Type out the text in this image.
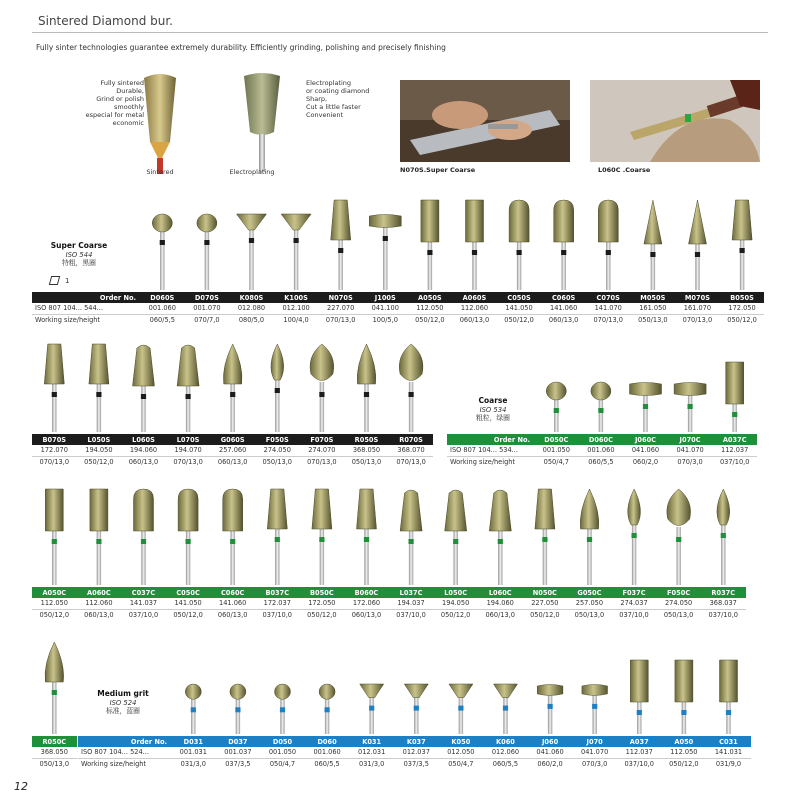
Sintered Diamond bur.
Fully sinter technologies guarantee extremely durability. Efficiently grinding, polishing and precisely finishing
Fully sintered
Durable,
Grind or polish
smoothly
especial for metal
economic
Sintered	Electroplating
Electroplating
or coating diamond
Sharp,
Cut a little faster
Convenient
N070S.Super Coarse	L060C .Coarse
Super Coarse
ISO 544
特粗，黑圈
1
Coarse
ISO 534
粗粒，绿圈
Medium grit
ISO 524
标准，蓝圈
Order No.	D060S	D070S	K080S	K100S	N070S	J100S	A050S	A060S	C050S	C060S	C070S	M050S	M070S	B050S
ISO 807 104... 544...	001.060	001.070	012.080	012.100	227.070	041.100	112.050	112.060	141.050	141.060	141.070	161.050	161.070	172.050
Working size/height	060/5,5	070/7,0	080/5,0	100/4,0	070/13,0	100/5,0	050/12,0	060/13,0	050/12,0	060/13,0	070/13,0	050/13,0	070/13,0	050/12,0
B070S	L050S	L060S	L070S	G060S	F050S	F070S	R050S	R070S
172.070	194.050	194.060	194.070	257.060	274.050	274.070	368.050	368.070
070/13,0	050/12,0	060/13,0	070/13,0	060/13,0	050/13,0	070/13,0	050/13,0	070/13,0
Order No.	D050C	D060C	J060C	J070C	A037C
ISO 807 104... 534...	001.050	001.060	041.060	041.070	112.037
Working size/height	050/4,7	060/5,5	060/2,0	070/3,0	037/10,0
A050C	A060C	C037C	C050C	C060C	B037C	B050C	B060C	L037C	L050C	L060C	N050C	G050C	F037C	F050C	R037C
112.050	112.060	141.037	141.050	141.060	172.037	172.050	172.060	194.037	194.050	194.060	227.050	257.050	274.037	274.050	368.037
050/12,0	060/13,0	037/10,0	050/12,0	060/13,0	037/10,0	050/12,0	060/13,0	037/10,0	050/12,0	060/13,0	050/12,0	050/13,0	037/10,0	050/13,0	037/10,0
R050C
368.050
050/13,0
Order No.	D031	D037	D050	D060	K031	K037	K050	K060	J060	J070	A037	A050	C031
ISO 807 104... 524...	001.031	001.037	001.050	001.060	012.031	012.037	012.050	012.060	041.060	041.070	112.037	112.050	141.031
Working size/height	031/3,0	037/3,5	050/4,7	060/5,5	031/3,0	037/3,5	050/4,7	060/5,5	060/2,0	070/3,0	037/10,0	050/12,0	031/9,0
12
